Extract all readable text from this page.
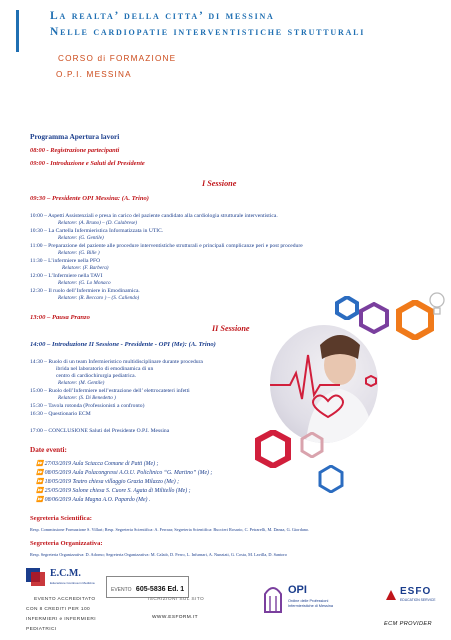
La realta’ della citta’ di messina
Nelle cardiopatie interventistiche strutturali
CORSO di FORMAZIONE
O.P.I. MESSINA
Programma Apertura lavori
08:00 - Registrazione partecipanti
09:00 - Introduzione e Saluti del Presidente
I Sessione
09:30 – Presidente OPI Messina: (A. Trino)
10:00 – Aspetti Assistenziali e presa in carico del paziente candidato alla cardiologia strutturale interventistica.
Relatore: (A. Bruno) – (D. Calabrese)
10:30 – La Cartella Infermieristica Informatizzata in UTIC.
Relatore: (G. Gentile)
11:00 – Preparazione del paziente alle procedure interventistiche strutturali e principali complicanze peri e post procedure
Relatore: (G. Bille )
11:30 – L’infermiere nella PFO
Relatore: (F. Barbera)
12:00 – L’Infermiere nella TAVI
Relatore: (G. Lo Monaco
12:30 – Il ruolo dell’Infermiere in Emodinamica.
Relatore: (R. Beccaro ) – (S. Caliendo)
13:00 – Pausa Pranzo
II Sessione
14:00 – Introduzione II Sessione - Presidente - OPI (Me): (A. Trino)
14:30 – Ruolo di un team Infermieristico multidisciplinare durante procedura
ibrida nel laboratorio di emodinamica di un
centro di cardiochirurgia pediatrica.
Relatore: (M. Gentile)
15:00 – Ruolo dell’Infermiere nell’estrazione dell’ elettrocateteri infetti
Relatore: (S. Di Benedetto )
15:30 – Tavola rotonda (Professionisti a confronto)
16:30 – Questionario ECM
17:00 – CONCLUSIONE Saluti del Presidente O.P.I. Messina
Date eventi:
⏩ 27/03/2019 Aula Sciacca Comune di Patti (Me) ;
⏩ 08/05/2019 Aula Polacongressi A.O.U. Policlinico “G. Martino” (Me) ;
⏩ 18/05/2019 Teatro chiesa villaggio Grazia Milazzo (Me) ;
⏩ 25/05/2019 Salone chiesa S. Cuore S. Agata di Militello (Me) ;
⏩ 08/06/2019 Aula Magna A.O. Papardo (Me) .
Segreteria Scientifica:
Resp. Commissione Formazione S. Villari; Resp. Segreteria Scientifica: A. Ferrara; Segreteria Scientifica: Buccieri Rosario, C. Petrarelli, M. Danza, G. Giordano.
Segreteria Organizzativa:
Resp. Segreteria Organizzativa: D. Adorno; Segreteria Organizzativa: M. Calaiò, D. Ferro, L. Infurnari, A. Nunziati, G. Costa, M. Lavilla, D. Santoro
E.C.M.
Educazione Continua in Medicina
EVENTO 605-5836 Ed. 1
EVENTO ACCREDITATO
CON 8 CREDITI PER 100
INFERMIERI e INFERMIERI
PEDIATRICI
ISCRIZIONI SUL SITO
WWW.ESFORM.IT
OPI
Ordine delle Professioni
Infermieristiche di Messina
ESFO
EDUCATION SERVICE
ECM PROVIDER
